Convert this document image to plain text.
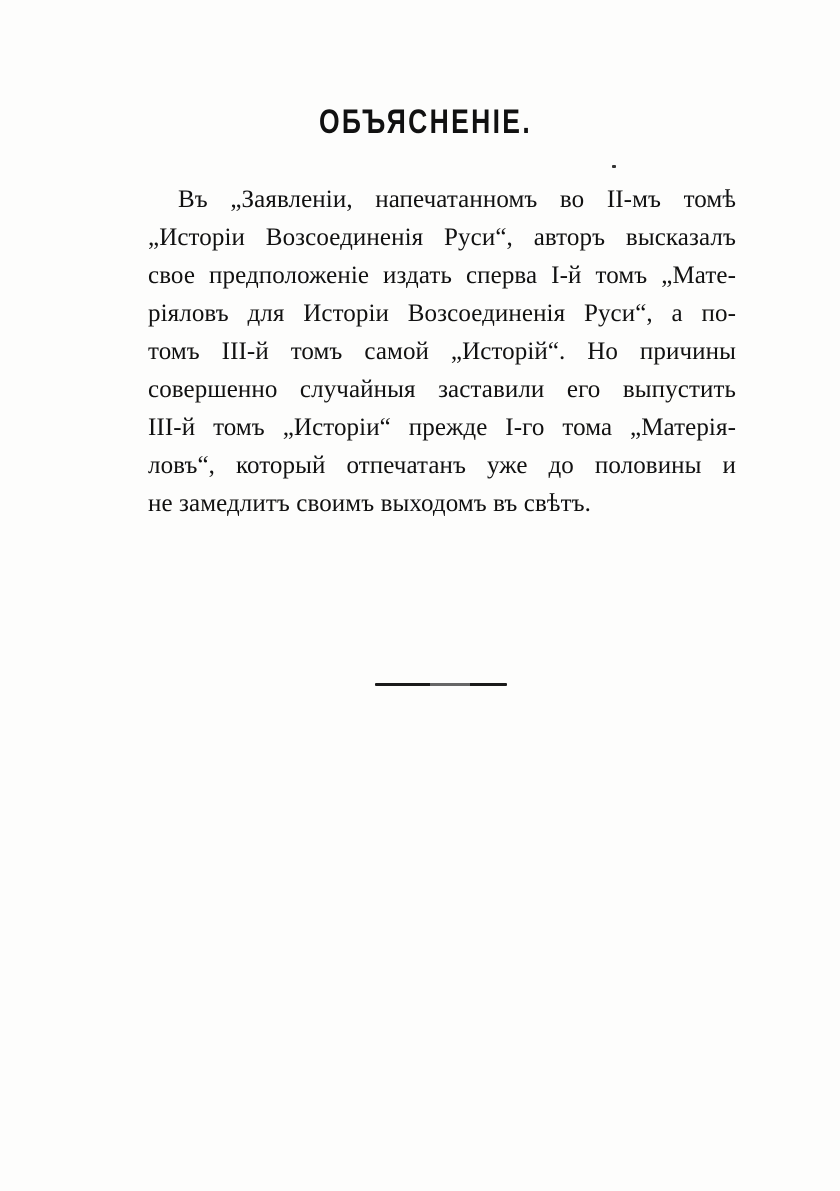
ОБЪЯСНЕНIЕ.
Въ „Заявленіи, напечатанномъ во II-мъ томѣ
„Исторіи Возсоединенія Руси“, авторъ высказалъ
свое предположеніе издать сперва I-й томъ „Мате-
ріяловъ для Исторіи Возсоединенія Руси“, а по-
томъ III-й томъ самой „Исторій“. Но причины
совершенно случайныя заставили его выпустить
III-й томъ „Исторіи“ прежде I-го тома „Матерія-
ловъ“, который отпечатанъ уже до половины и
не замедлитъ своимъ выходомъ въ свѣтъ.
